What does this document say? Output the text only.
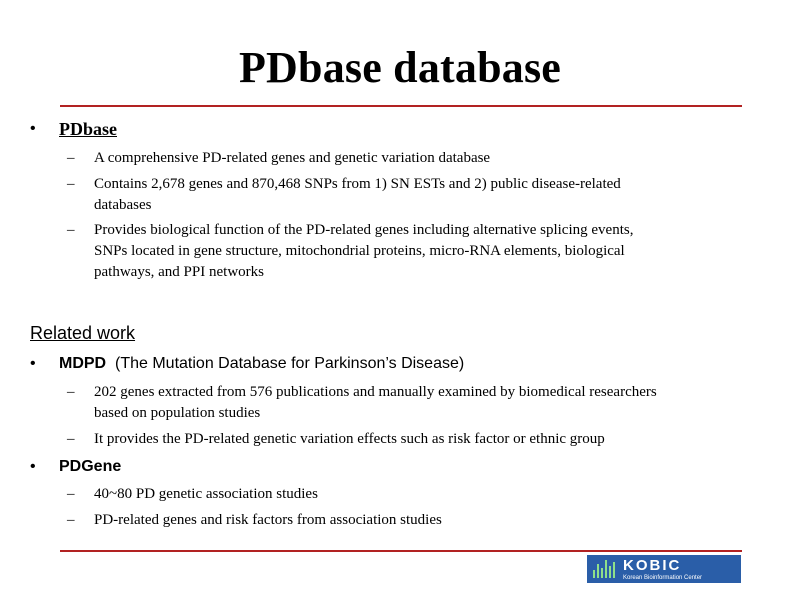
PDbase database
• PDbase
– A comprehensive PD-related genes and genetic variation database
– Contains 2,678 genes and 870,468 SNPs from 1) SN ESTs and 2) public disease-related
databases
– Provides biological function of the PD-related genes including alternative splicing events,
SNPs located in gene structure, mitochondrial proteins, micro-RNA elements, biological
pathways, and PPI networks
Related work
• MDPD (The Mutation Database for Parkinson’s Disease)
– 202 genes extracted from 576 publications and manually examined by biomedical researchers
based on population studies
– It provides the PD-related genetic variation effects such as risk factor or ethnic group
• PDGene
– 40~80 PD genetic association studies
– PD-related genes and risk factors from association studies
KOBIC
Korean Bioinformation Center
